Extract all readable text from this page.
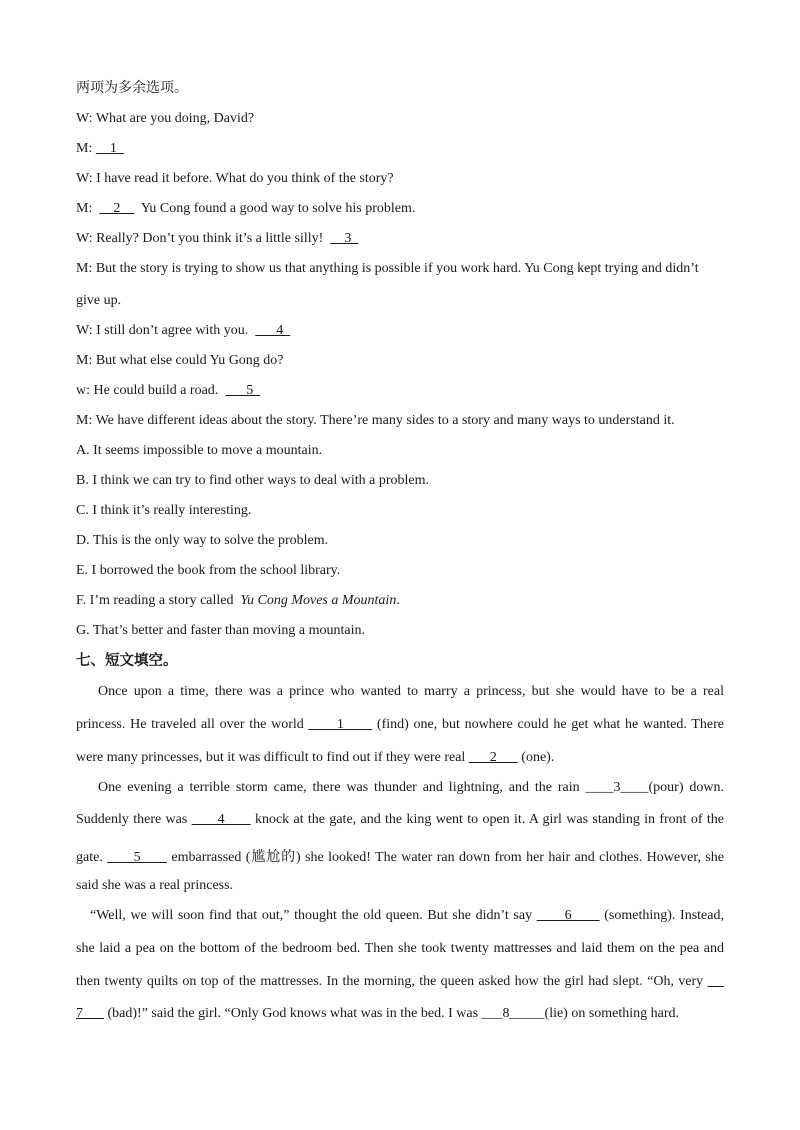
两项为多余选项。
W: What are you doing, David?
M:     1
W: I have read it before. What do you think of the story?
M:      2      Yu Cong found a good way to solve his problem.
W: Really? Don’t you think it’s a little silly!      3
M: But the story is trying to show us that anything is possible if you work hard. Yu Cong kept trying and didn’t
give up.
W: I still don’t agree with you.        4
M: But what else could Yu Gong do?
w: He could build a road.        5
M: We have different ideas about the story. There’re many sides to a story and many ways to understand it.
A. It seems impossible to move a mountain.
B. I think we can try to find other ways to deal with a problem.
C. I think it’s really interesting.
D. This is the only way to solve the problem.
E. I borrowed the book from the school library.
F. I’m reading a story called  Yu Cong Moves a Mountain.
G. That’s better and faster than moving a mountain.
七、短文填空。
Once upon a time, there was a prince who wanted to marry a princess, but she would have to be a real
princess. He traveled all over the world       1       (find) one, but nowhere could he get what he wanted. There
were many princesses, but it was difficult to find out if they were real       2       (one).
One evening a terrible storm came, there was thunder and lightning, and the rain ____3____(pour) down.
Suddenly there was       4       knock at the gate, and the king went to open it. A girl was standing in front of the
gate.       5       embarrassed (尴尬的) she looked! The water ran down from her hair and clothes. However, she
said she was a real princess.
“Well, we will soon find that out,” thought the old queen. But she didn’t say       6       (something). Instead,
she laid a pea on the bottom of the bedroom bed. Then she took twenty mattresses and laid them on the pea and
then twenty quilts on top of the mattresses. In the morning, the queen asked how the girl had slept. “Oh, very
7       (bad)!” said the girl. “Only God knows what was in the bed. I was ___8_____(lie) on something hard.
